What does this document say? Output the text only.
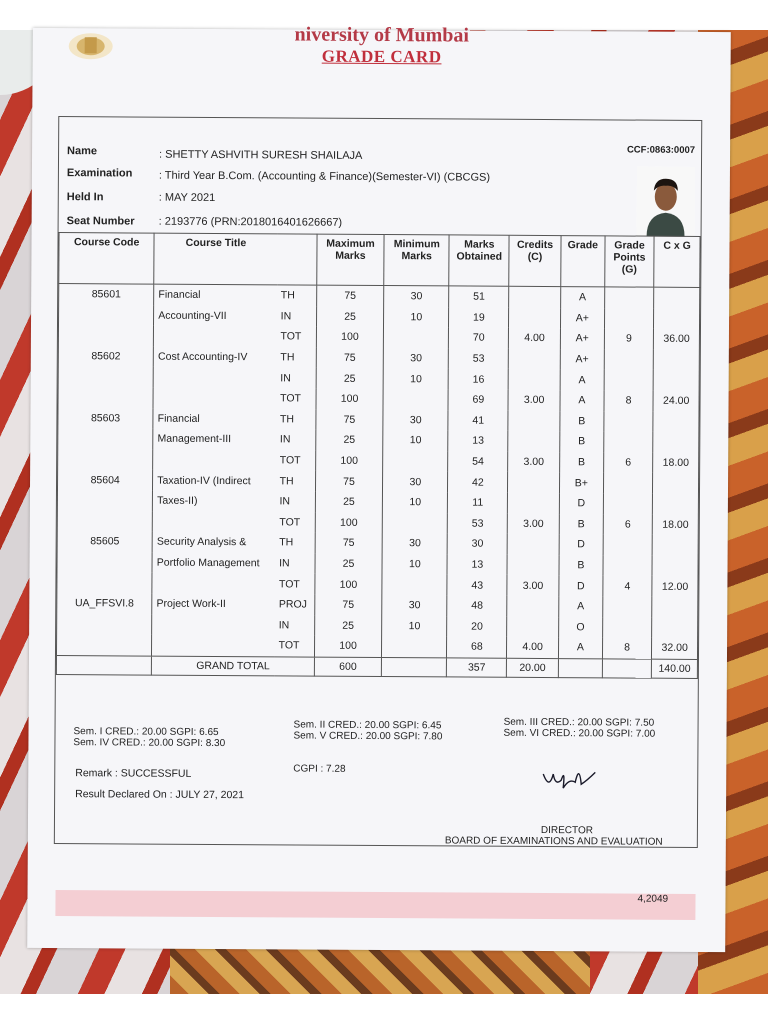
niversity of Mumbai
GRADE CARD
4,2049
CCF:0863:0007
Name	: SHETTY ASHVITH SURESH SHAILAJA
Examination : Third Year B.Com. (Accounting & Finance)(Semester-VI) (CBCGS)
Held In	: MAY 2021
Seat Number : 2193776 (PRN:2018016401626667)
Course Code	Course Title		Maximum Marks	Minimum Marks	Marks Obtained	Credits (C)	Grade	Grade Points (G)	C x G
85601	Financial	TH	75	30	51		A		
	Accounting-VII	IN	25	10	19		A+		
		TOT	100		70	4.00	A+	9	36.00
85602	Cost Accounting-IV	TH	75	30	53		A+		
		IN	25	10	16		A		
		TOT	100		69	3.00	A	8	24.00
85603	Financial	TH	75	30	41		B		
	Management-III	IN	25	10	13		B		
		TOT	100		54	3.00	B	6	18.00
85604	Taxation-IV (Indirect	TH	75	30	42		B+		
	Taxes-II)	IN	25	10	11		D		
		TOT	100		53	3.00	B	6	18.00
85605	Security Analysis &	TH	75	30	30		D		
	Portfolio Management	IN	25	10	13		B		
		TOT	100		43	3.00	D	4	12.00
UA_FFSVI.8	Project Work-II	PROJ	75	30	48		A		
		IN	25	10	20		O		
		TOT	100		68	4.00	A	8	32.00
	GRAND TOTAL		600		357	20.00			140.00
Sem. I CRED.: 20.00 SGPI: 6.65
Sem. IV CRED.: 20.00 SGPI: 8.30
Sem. II CRED.: 20.00 SGPI: 6.45
Sem. V CRED.: 20.00 SGPI: 7.80
Sem. III CRED.: 20.00 SGPI: 7.50
Sem. VI CRED.: 20.00 SGPI: 7.00
CGPI : 7.28
Remark : SUCCESSFUL
Result Declared On : JULY 27, 2021
DIRECTOR
BOARD OF EXAMINATIONS AND EVALUATION
